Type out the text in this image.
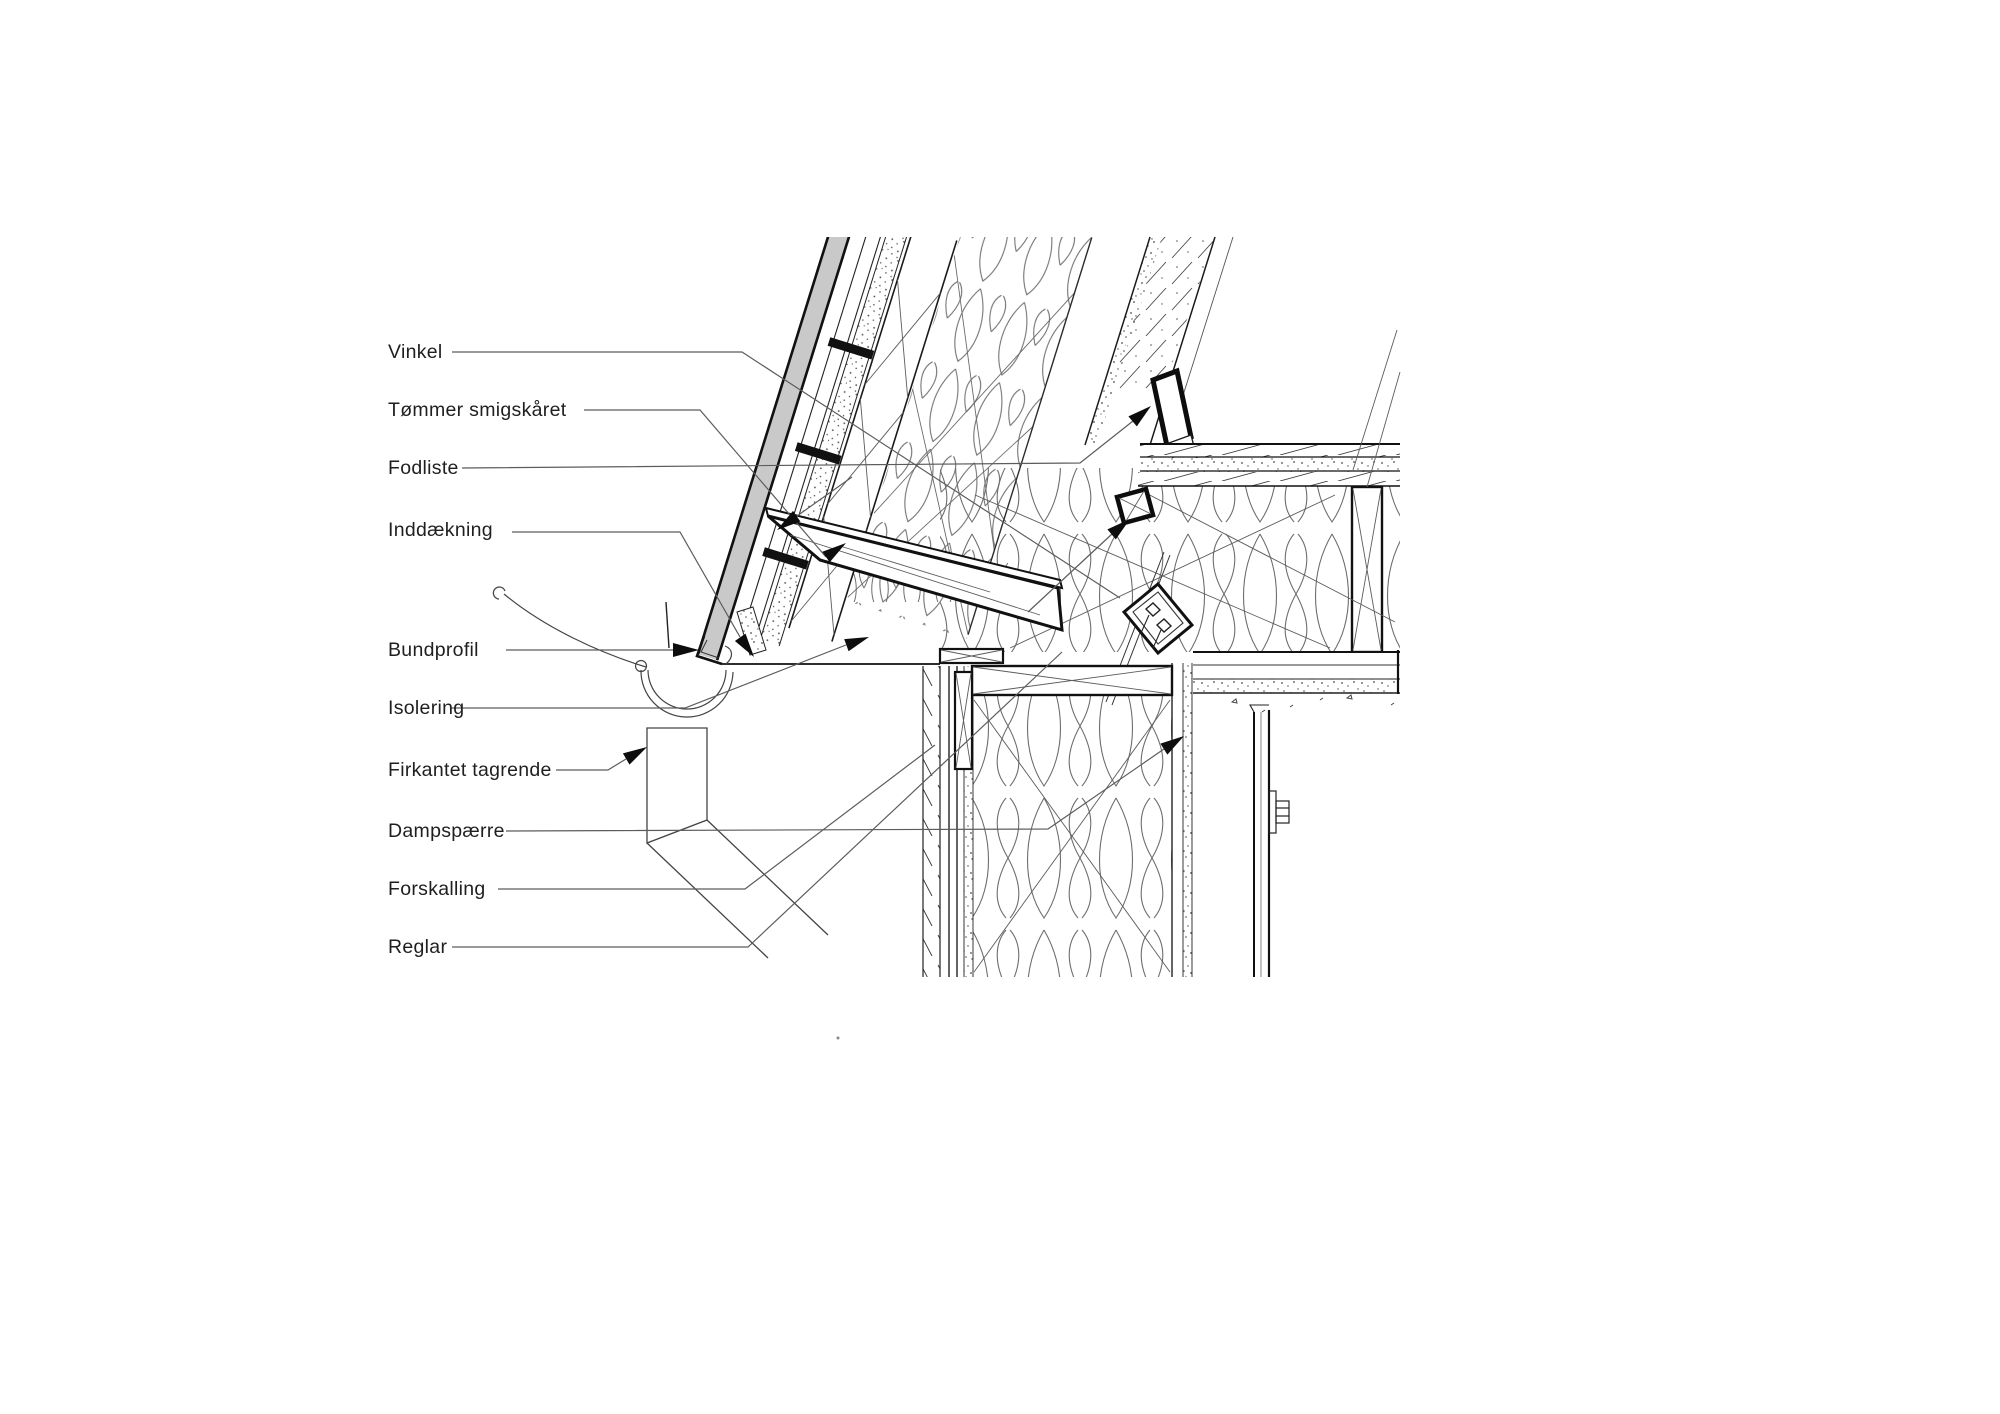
Vinkel
Tømmer smigskåret
Fodliste
Inddækning
Bundprofil
Isolering
Firkantet tagrende
Dampspærre
Forskalling
Reglar
